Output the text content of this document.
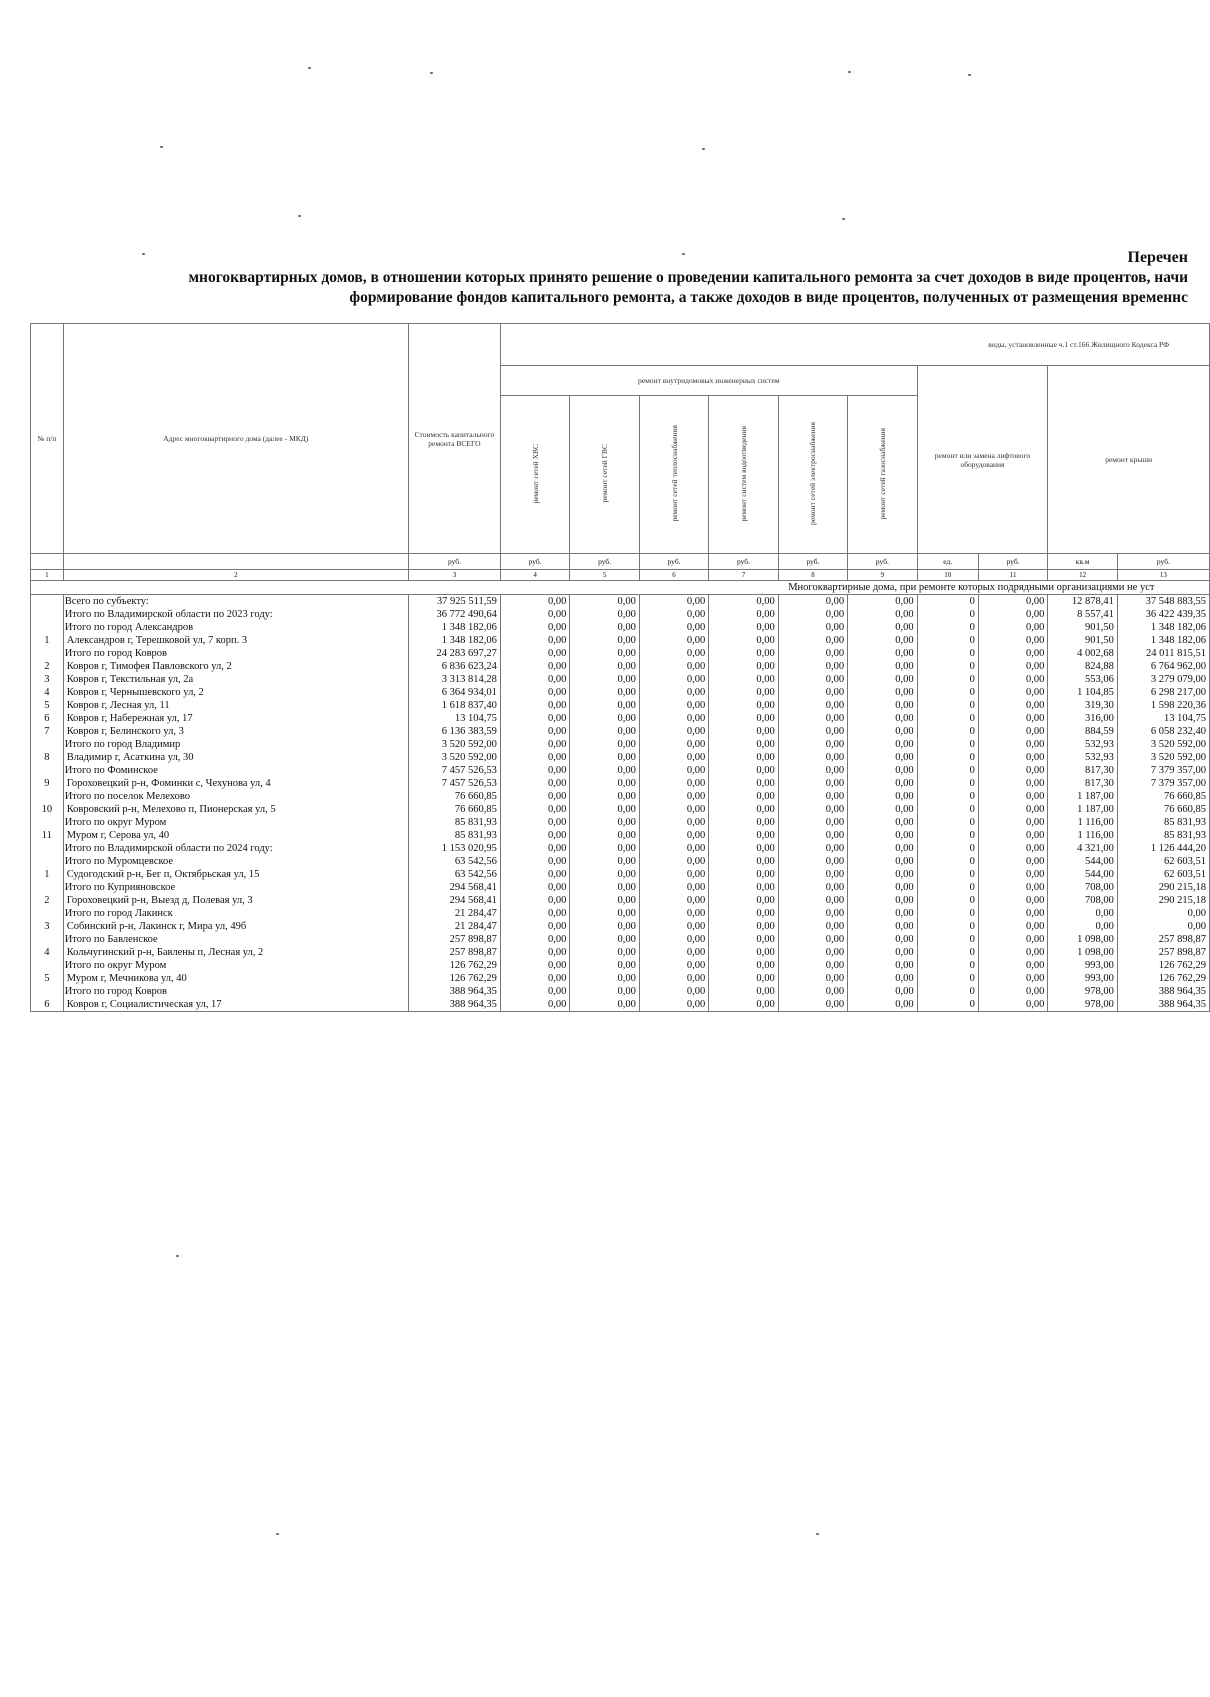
Перечен
многоквартирных домов, в отношении которых принято решение о проведении капитального ремонта за счет доходов в виде процентов, начи
формирование фондов капитального ремонта, а также доходов в виде процентов, полученных от размещения временнс
№ п/п	Адрес многоквартирного дома (далее - МКД)	Стоимость капитального ремонта ВСЕГО	виды, установленные ч.1 ст.166 Жилищного Кодекса РФ									
			ремонт внутридомовых инженерных систем						ремонт или замена лифтового оборудования		ремонт крыши	
			ремонт сетей ХВС	ремонт сетей ГВС	ремонт сетей теплоснабжения	ремонт систем водоотведения	ремонт сетей электроснабжения	ремонт сетей газоснабжения				
		руб.	руб.	руб.	руб.	руб.	руб.	руб.	ед.	руб.	кв.м	руб.
1	2	3	4	5	6	7	8	9	10	11	12	13
							Многоквартирные дома, при ремонте которых подрядными организациями не уст					
	Всего по субъекту:	37 925 511,59	0,00	0,00	0,00	0,00	0,00	0,00	0	0,00	12 878,41	37 548 883,55
	Итого по Владимирской области по 2023 году:	36 772 490,64	0,00	0,00	0,00	0,00	0,00	0,00	0	0,00	8 557,41	36 422 439,35
	Итого по город Александров	1 348 182,06	0,00	0,00	0,00	0,00	0,00	0,00	0	0,00	901,50	1 348 182,06
1	Александров г, Терешковой ул, 7 корп. 3	1 348 182,06	0,00	0,00	0,00	0,00	0,00	0,00	0	0,00	901,50	1 348 182,06
	Итого по город Ковров	24 283 697,27	0,00	0,00	0,00	0,00	0,00	0,00	0	0,00	4 002,68	24 011 815,51
2	Ковров г, Тимофея Павловского ул, 2	6 836 623,24	0,00	0,00	0,00	0,00	0,00	0,00	0	0,00	824,88	6 764 962,00
3	Ковров г, Текстильная ул, 2а	3 313 814,28	0,00	0,00	0,00	0,00	0,00	0,00	0	0,00	553,06	3 279 079,00
4	Ковров г, Чернышевского ул, 2	6 364 934,01	0,00	0,00	0,00	0,00	0,00	0,00	0	0,00	1 104,85	6 298 217,00
5	Ковров г, Лесная ул, 11	1 618 837,40	0,00	0,00	0,00	0,00	0,00	0,00	0	0,00	319,30	1 598 220,36
6	Ковров г, Набережная ул, 17	13 104,75	0,00	0,00	0,00	0,00	0,00	0,00	0	0,00	316,00	13 104,75
7	Ковров г, Белинского ул, 3	6 136 383,59	0,00	0,00	0,00	0,00	0,00	0,00	0	0,00	884,59	6 058 232,40
	Итого по город Владимир	3 520 592,00	0,00	0,00	0,00	0,00	0,00	0,00	0	0,00	532,93	3 520 592,00
8	Владимир г, Асаткина ул, 30	3 520 592,00	0,00	0,00	0,00	0,00	0,00	0,00	0	0,00	532,93	3 520 592,00
	Итого по Фоминское	7 457 526,53	0,00	0,00	0,00	0,00	0,00	0,00	0	0,00	817,30	7 379 357,00
9	Гороховецкий р-н, Фоминки с, Чехунова ул, 4	7 457 526,53	0,00	0,00	0,00	0,00	0,00	0,00	0	0,00	817,30	7 379 357,00
	Итого по поселок Мелехово	76 660,85	0,00	0,00	0,00	0,00	0,00	0,00	0	0,00	1 187,00	76 660,85
10	Ковровский р-н, Мелехово п, Пионерская ул, 5	76 660,85	0,00	0,00	0,00	0,00	0,00	0,00	0	0,00	1 187,00	76 660,85
	Итого по округ Муром	85 831,93	0,00	0,00	0,00	0,00	0,00	0,00	0	0,00	1 116,00	85 831,93
11	Муром г, Серова ул, 40	85 831,93	0,00	0,00	0,00	0,00	0,00	0,00	0	0,00	1 116,00	85 831,93
	Итого по Владимирской области по 2024 году:	1 153 020,95	0,00	0,00	0,00	0,00	0,00	0,00	0	0,00	4 321,00	1 126 444,20
	Итого по Муромцевское	63 542,56	0,00	0,00	0,00	0,00	0,00	0,00	0	0,00	544,00	62 603,51
1	Судогодский р-н, Бег п, Октябрьская ул, 15	63 542,56	0,00	0,00	0,00	0,00	0,00	0,00	0	0,00	544,00	62 603,51
	Итого по Куприяновское	294 568,41	0,00	0,00	0,00	0,00	0,00	0,00	0	0,00	708,00	290 215,18
2	Гороховецкий р-н, Выезд д, Полевая ул, 3	294 568,41	0,00	0,00	0,00	0,00	0,00	0,00	0	0,00	708,00	290 215,18
	Итого по город Лакинск	21 284,47	0,00	0,00	0,00	0,00	0,00	0,00	0	0,00	0,00	0,00
3	Собинский р-н, Лакинск г, Мира ул, 49б	21 284,47	0,00	0,00	0,00	0,00	0,00	0,00	0	0,00	0,00	0,00
	Итого по Бавленское	257 898,87	0,00	0,00	0,00	0,00	0,00	0,00	0	0,00	1 098,00	257 898,87
4	Кольчугинский р-н, Бавлены п, Лесная ул, 2	257 898,87	0,00	0,00	0,00	0,00	0,00	0,00	0	0,00	1 098,00	257 898,87
	Итого по округ Муром	126 762,29	0,00	0,00	0,00	0,00	0,00	0,00	0	0,00	993,00	126 762,29
5	Муром г, Мечникова ул, 40	126 762,29	0,00	0,00	0,00	0,00	0,00	0,00	0	0,00	993,00	126 762,29
	Итого по город Ковров	388 964,35	0,00	0,00	0,00	0,00	0,00	0,00	0	0,00	978,00	388 964,35
6	Ковров г, Социалистическая ул, 17	388 964,35	0,00	0,00	0,00	0,00	0,00	0,00	0	0,00	978,00	388 964,35
